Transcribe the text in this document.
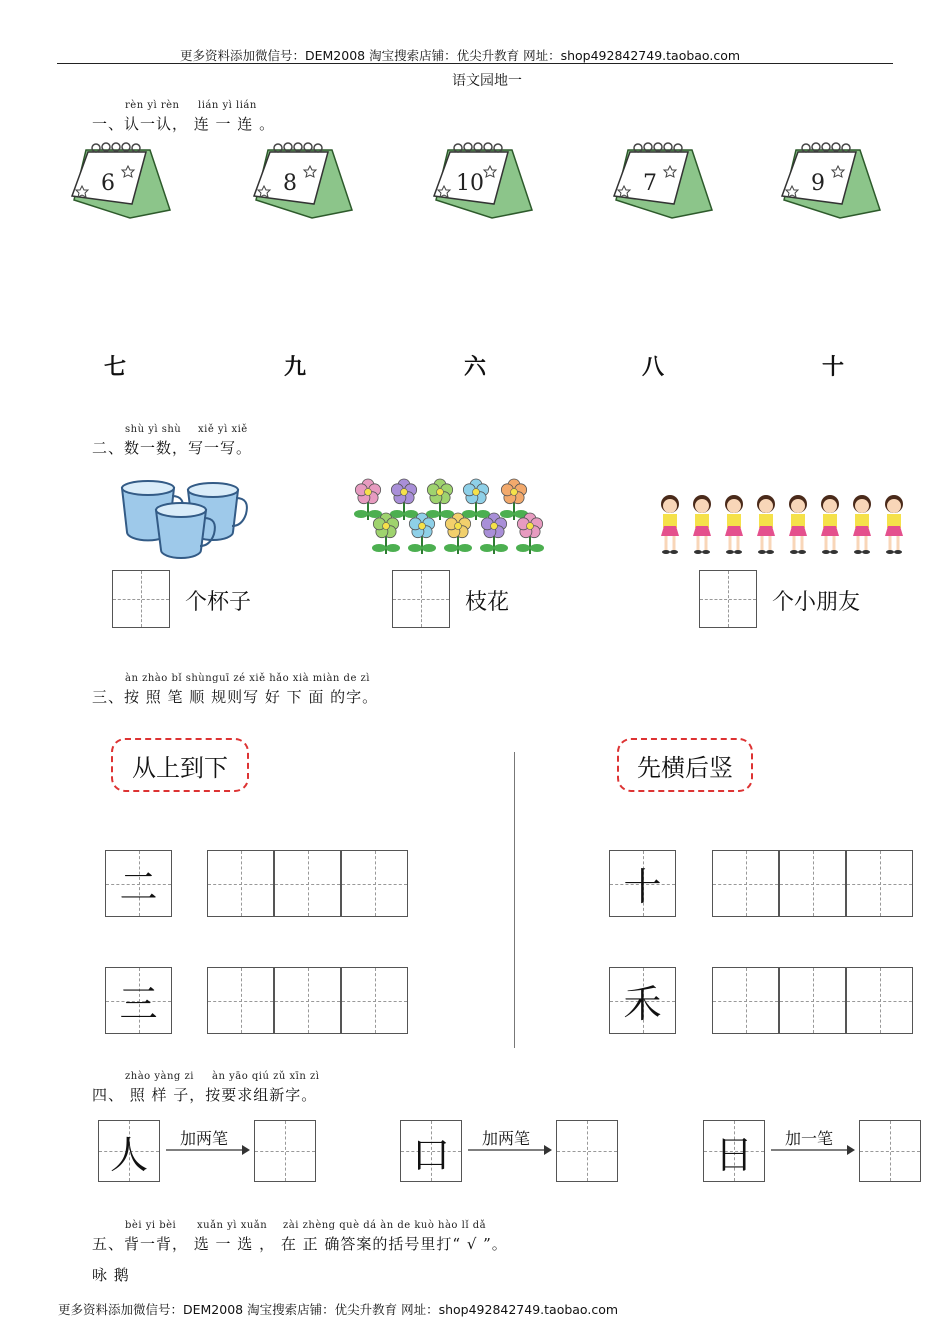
更多资料添加微信号：DEM2008 淘宝搜索店铺：优尖升教育 网址：shop492842749.taobao.com
语文园地一
rèn yì rèn lián yì lián
一、认一认， 连 一 连 。
6	8	10	7	9
七	九	六	八	十
shù yì shù xiě yì xiě
二、数一数，写一写。
个杯子	枝花	个小朋友
àn zhào bǐ shùnguī zé xiě hǎo xià miàn de zì
三、按 照 笔 顺 规则写 好 下 面 的字。
从上到下	先横后竖
二
三
十
禾
zhào yàng zi àn yāo qiú zǔ xīn zì
四、 照 样 子，按要求组新字。
人	加两笔	口	加两笔	日	加一笔
bèi yi bèi xuǎn yì xuǎn zài zhèng què dá àn de kuò hào lǐ dǎ
五、背一背， 选 一 选 ， 在 正 确答案的括号里打“ √ ”。
咏 鹅
更多资料添加微信号：DEM2008 淘宝搜索店铺：优尖升教育 网址：shop492842749.taobao.com
